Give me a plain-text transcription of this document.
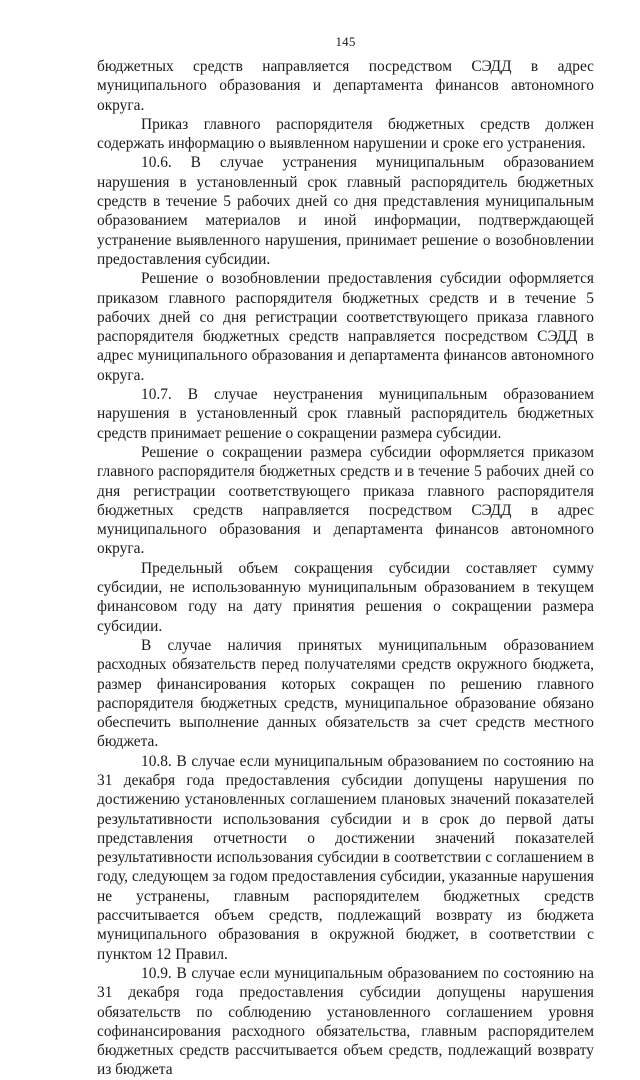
145

бюджетных средств направляется посредством СЭДД в адрес муниципального образования и департамента финансов автономного округа.

Приказ главного распорядителя бюджетных средств должен содержать информацию о выявленном нарушении и сроке его устранения.

10.6. В случае устранения муниципальным образованием нарушения в установленный срок главный распорядитель бюджетных средств в течение 5 рабочих дней со дня представления муниципальным образованием материалов и иной информации, подтверждающей устранение выявленного нарушения, принимает решение о возобновлении предоставления субсидии.

Решение о возобновлении предоставления субсидии оформляется приказом главного распорядителя бюджетных средств и в течение 5 рабочих дней со дня регистрации соответствующего приказа главного распорядителя бюджетных средств направляется посредством СЭДД в адрес муниципального образования и департамента финансов автономного округа.

10.7. В случае неустранения муниципальным образованием нарушения в установленный срок главный распорядитель бюджетных средств принимает решение о сокращении размера субсидии.

Решение о сокращении размера субсидии оформляется приказом главного распорядителя бюджетных средств и в течение 5 рабочих дней со дня регистрации соответствующего приказа главного распорядителя бюджетных средств направляется посредством СЭДД в адрес муниципального образования и департамента финансов автономного округа.

Предельный объем сокращения субсидии составляет сумму субсидии, не использованную муниципальным образованием в текущем финансовом году на дату принятия решения о сокращении размера субсидии.

В случае наличия принятых муниципальным образованием расходных обязательств перед получателями средств окружного бюджета, размер финансирования которых сокращен по решению главного распорядителя бюджетных средств, муниципальное образование обязано обеспечить выполнение данных обязательств за счет средств местного бюджета.

10.8. В случае если муниципальным образованием по состоянию на 31 декабря года предоставления субсидии допущены нарушения по достижению установленных соглашением плановых значений показателей результативности использования субсидии и в срок до первой даты представления отчетности о достижении значений показателей результативности использования субсидии в соответствии с соглашением в году, следующем за годом предоставления субсидии, указанные нарушения не устранены, главным распорядителем бюджетных средств рассчитывается объем средств, подлежащий возврату из бюджета муниципального образования в окружной бюджет, в соответствии с пунктом 12 Правил.

10.9. В случае если муниципальным образованием по состоянию на 31 декабря года предоставления субсидии допущены нарушения обязательств по соблюдению установленного соглашением уровня софинансирования расходного обязательства, главным распорядителем бюджетных средств рассчитывается объем средств, подлежащий возврату из бюджета
